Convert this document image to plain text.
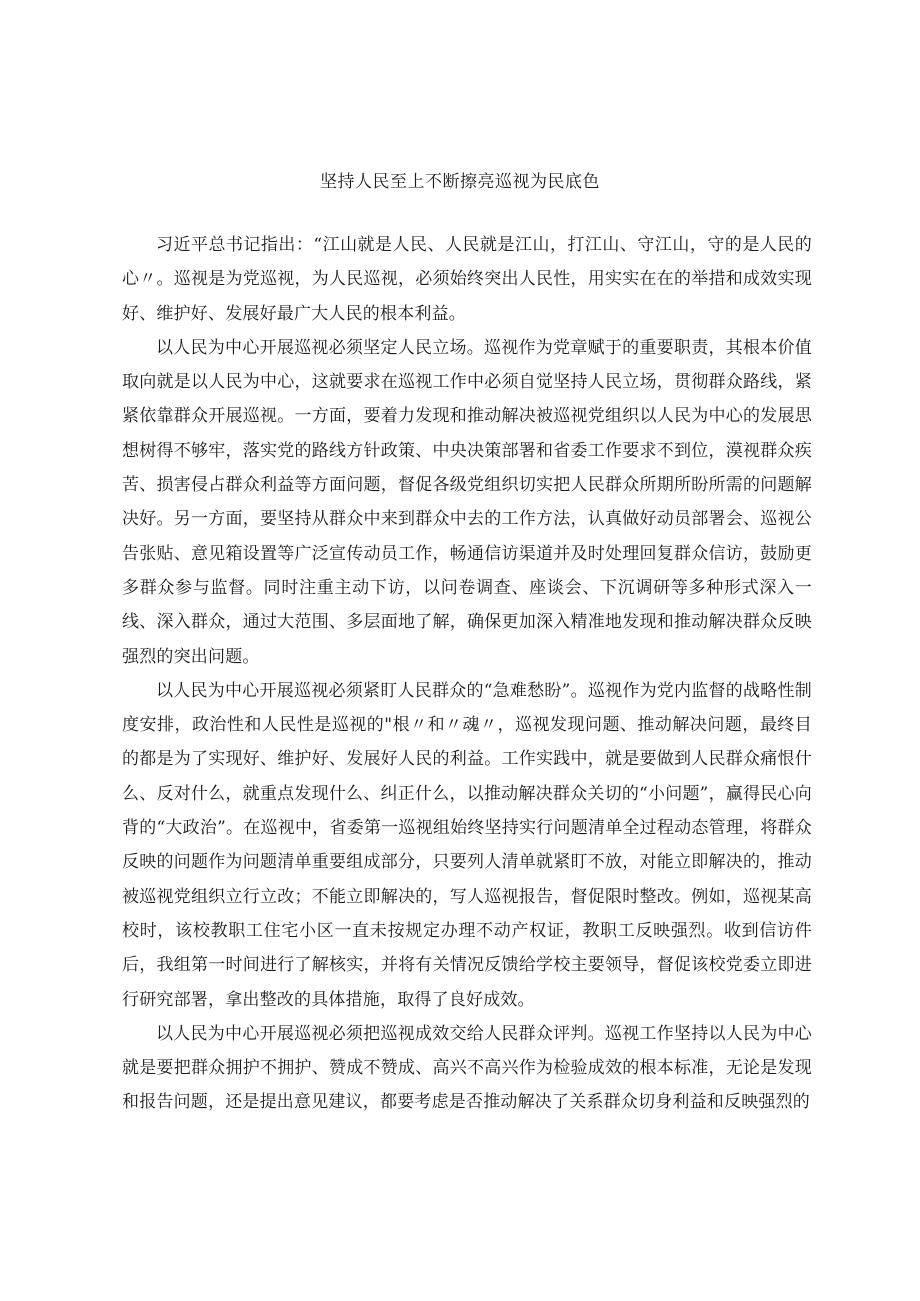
坚持人民至上不断擦亮巡视为民底色

习近平总书记指出：“江山就是人民、人民就是江山，打江山、守江山，守的是人民的心〃。巡视是为党巡视，为人民巡视，必须始终突出人民性，用实实在在的举措和成效实现好、维护好、发展好最广大人民的根本利益。

以人民为中心开展巡视必须坚定人民立场。巡视作为党章赋于的重要职责，其根本价值取向就是以人民为中心，这就要求在巡视工作中必须自觉坚持人民立场，贯彻群众路线，紧紧依靠群众开展巡视。一方面，要着力发现和推动解决被巡视党组织以人民为中心的发展思想树得不够牢，落实党的路线方针政策、中央决策部署和省委工作要求不到位，漠视群众疾苦、损害侵占群众利益等方面问题，督促各级党组织切实把人民群众所期所盼所需的问题解决好。另一方面，要坚持从群众中来到群众中去的工作方法，认真做好动员部署会、巡视公告张贴、意见箱设置等广泛宣传动员工作，畅通信访渠道并及时处理回复群众信访，鼓励更多群众参与监督。同时注重主动下访，以问卷调查、座谈会、下沉调研等多种形式深入一线、深入群众，通过大范围、多层面地了解，确保更加深入精准地发现和推动解决群众反映强烈的突出问题。

以人民为中心开展巡视必须紧盯人民群众的“急难愁盼”。巡视作为党内监督的战略性制度安排，政治性和人民性是巡视的"根〃和〃魂〃，巡视发现问题、推动解决问题，最终目的都是为了实现好、维护好、发展好人民的利益。工作实践中，就是要做到人民群众痛恨什么、反对什么，就重点发现什么、纠正什么，以推动解决群众关切的“小问题”，赢得民心向背的“大政治”。在巡视中，省委第一巡视组始终坚持实行问题清单全过程动态管理，将群众反映的问题作为问题清单重要组成部分，只要列人清单就紧盯不放，对能立即解决的，推动被巡视党组织立行立改；不能立即解决的，写人巡视报告，督促限时整改。例如，巡视某高校时，该校教职工住宅小区一直未按规定办理不动产权证，教职工反映强烈。收到信访件后，我组第一时间进行了解核实，并将有关情况反馈给学校主要领导，督促该校党委立即进行研究部署，拿出整改的具体措施，取得了良好成效。

以人民为中心开展巡视必须把巡视成效交给人民群众评判。巡视工作坚持以人民为中心就是要把群众拥护不拥护、赞成不赞成、高兴不高兴作为检验成效的根本标准，无论是发现和报告问题，还是提出意见建议，都要考虑是否推动解决了关系群众切身利益和反映强烈的
